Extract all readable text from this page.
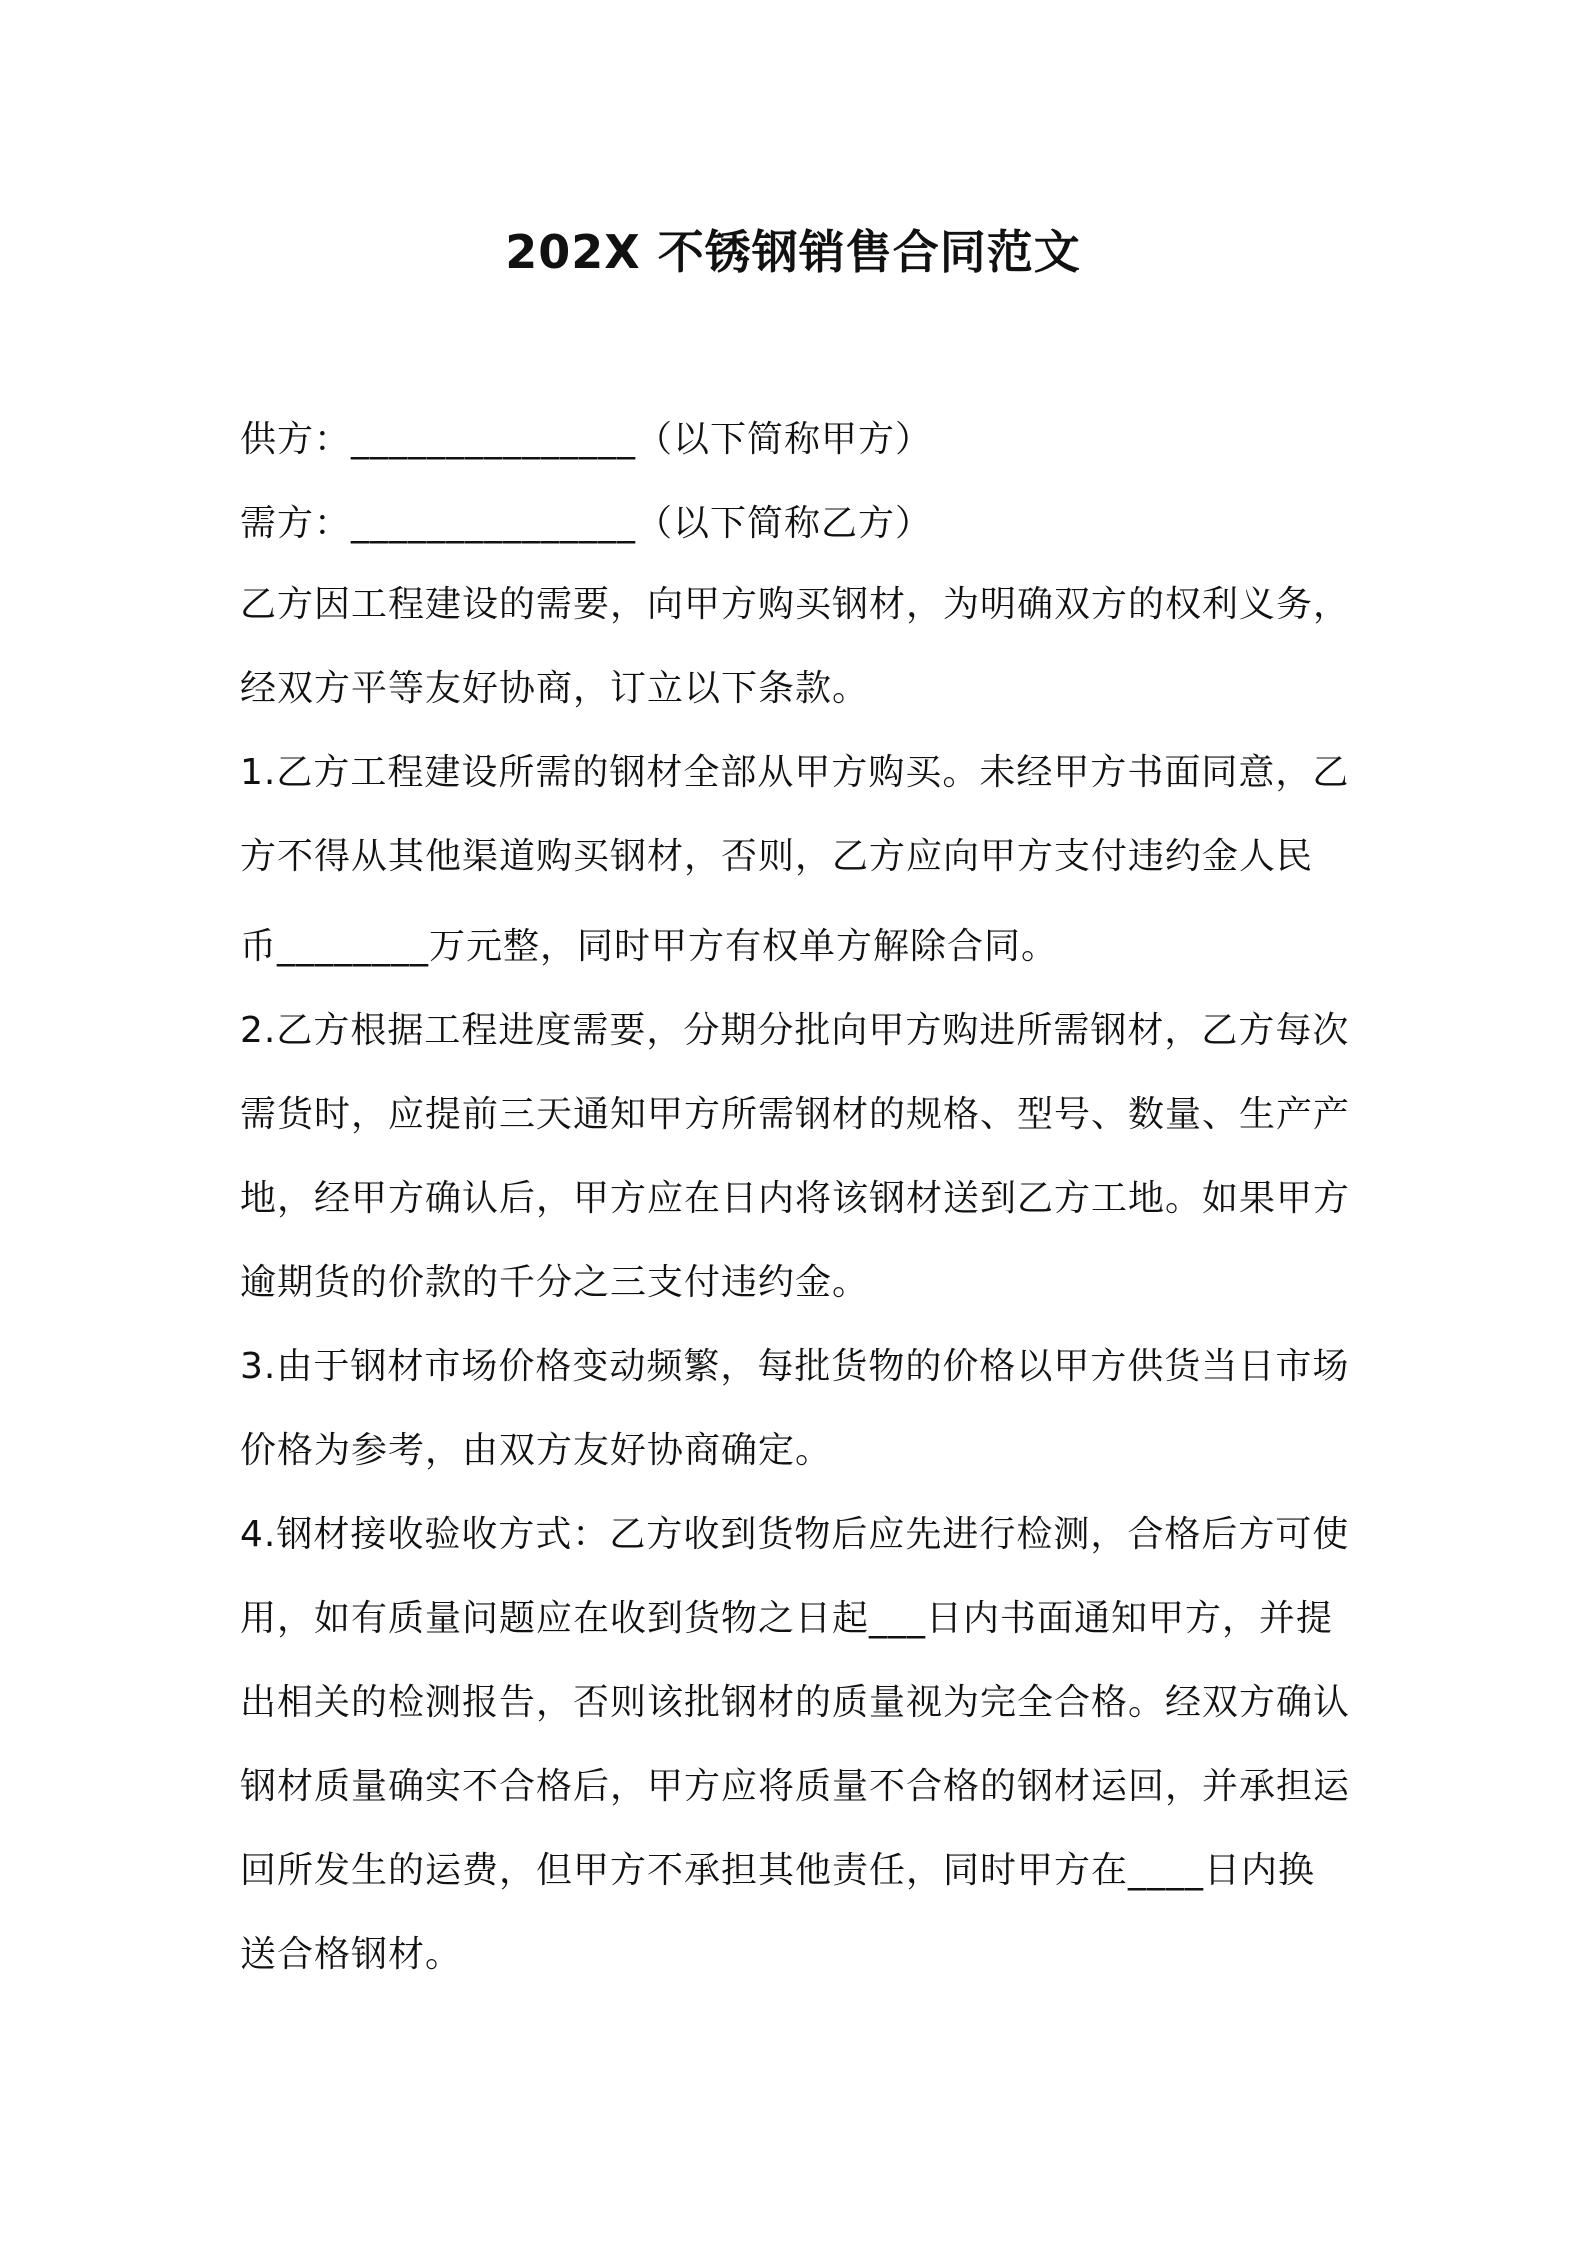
202X 不锈钢销售合同范文
供方：_______________（以下简称甲方）
需方：_______________（以下简称乙方）
乙方因工程建设的需要，向甲方购买钢材，为明确双方的权利义务，
经双方平等友好协商，订立以下条款。
1.乙方工程建设所需的钢材全部从甲方购买。未经甲方书面同意，乙
方不得从其他渠道购买钢材，否则，乙方应向甲方支付违约金人民
币________万元整，同时甲方有权单方解除合同。
2.乙方根据工程进度需要，分期分批向甲方购进所需钢材，乙方每次
需货时，应提前三天通知甲方所需钢材的规格、型号、数量、生产产
地，经甲方确认后，甲方应在日内将该钢材送到乙方工地。如果甲方
逾期货的价款的千分之三支付违约金。
3.由于钢材市场价格变动频繁，每批货物的价格以甲方供货当日市场
价格为参考，由双方友好协商确定。
4.钢材接收验收方式：乙方收到货物后应先进行检测，合格后方可使
用，如有质量问题应在收到货物之日起___日内书面通知甲方，并提
出相关的检测报告，否则该批钢材的质量视为完全合格。经双方确认
钢材质量确实不合格后，甲方应将质量不合格的钢材运回，并承担运
回所发生的运费，但甲方不承担其他责任，同时甲方在____日内换
送合格钢材。
